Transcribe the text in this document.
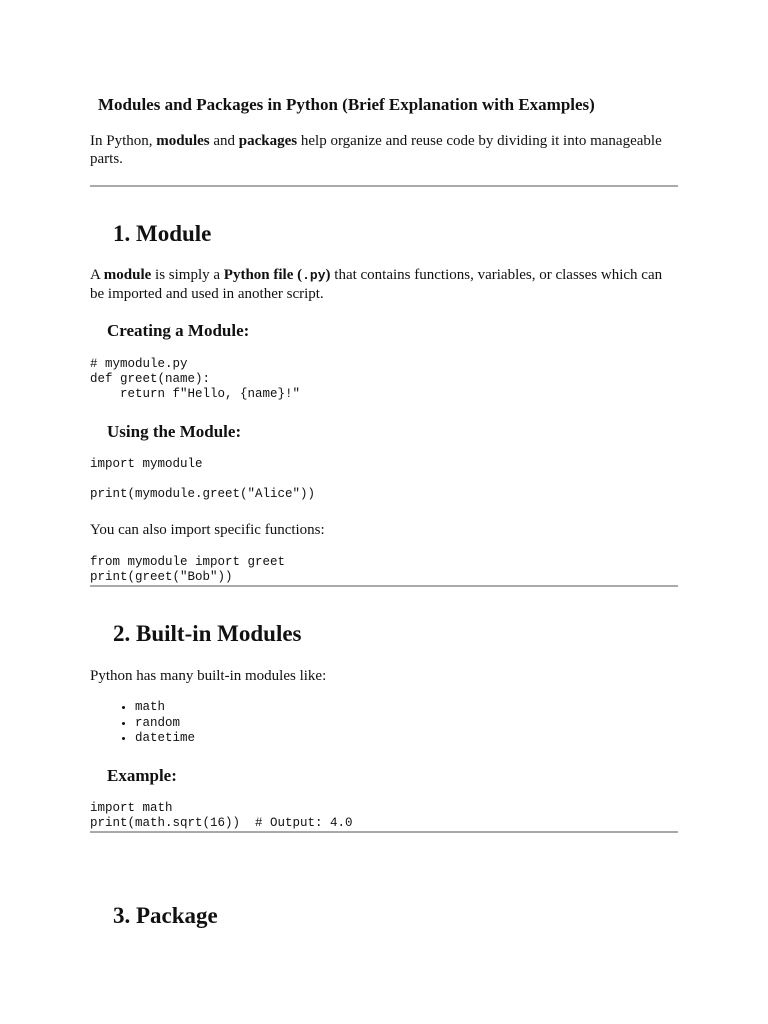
Modules and Packages in Python (Brief Explanation with Examples)

In Python, modules and packages help organize and reuse code by dividing it into manageable parts.

1. Module

A module is simply a Python file (.py) that contains functions, variables, or classes which can be imported and used in another script.

Creating a Module:
# mymodule.py
def greet(name):
return f"Hello, {name}!"
Using the Module:
import mymodule

print(mymodule.greet("Alice"))

You can also import specific functions:

from mymodule import greet
print(greet("Bob"))
2. Built-in Modules

Python has many built-in modules like:

• math
• random
• datetime
Example:
import math
print(math.sqrt(16))  # Output: 4.0
3. Package
